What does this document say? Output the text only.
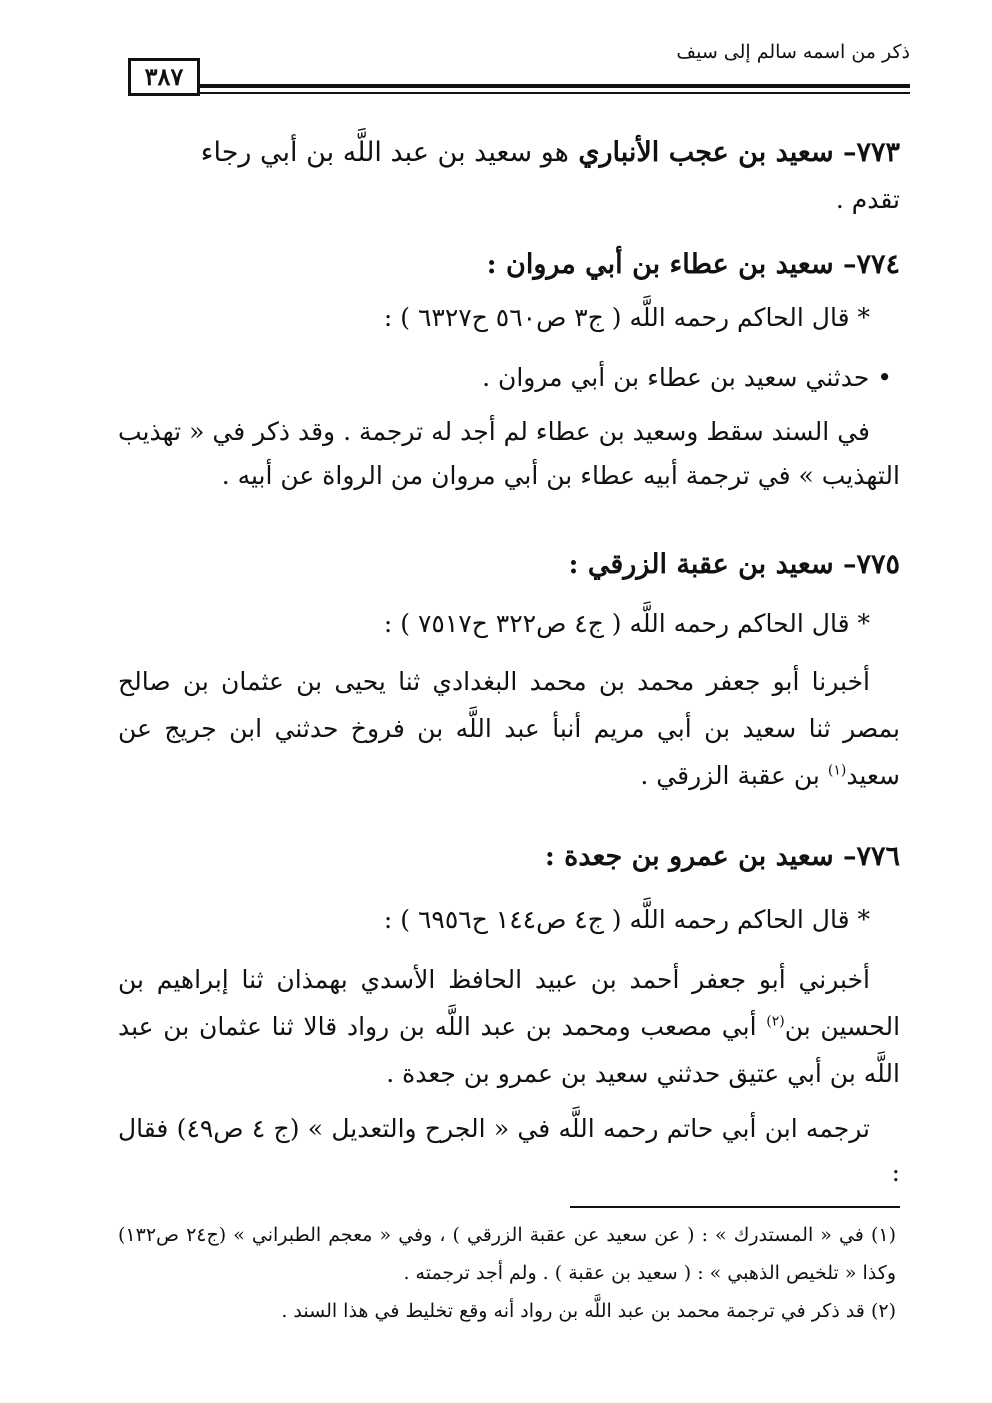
ذكر من اسمه سالم إلى سيف
٣٨٧
٧٧٣– سعيد بن عجب الأنباري هو سعيد بن عبد اللَّه بن أبي رجاء
تقدم .
٧٧٤– سعيد بن عطاء بن أبي مروان :
* قال الحاكم رحمه اللَّه ( ج٣ ص٥٦٠ ح٦٣٢٧ ) :
• حدثني سعيد بن عطاء بن أبي مروان .
في السند سقط وسعيد بن عطاء لم أجد له ترجمة . وقد ذكر في « تهذيب التهذيب » في ترجمة أبيه عطاء بن أبي مروان من الرواة عن أبيه .
٧٧٥– سعيد بن عقبة الزرقي :
* قال الحاكم رحمه اللَّه ( ج٤ ص٣٢٢ ح٧٥١٧ ) :
أخبرنا أبو جعفر محمد بن محمد البغدادي ثنا يحيى بن عثمان بن صالح بمصر ثنا سعيد بن أبي مريم أنبأ عبد اللَّه بن فروخ حدثني ابن جريج عن سعيد$^{(١)}$ بن عقبة الزرقي .
٧٧٦– سعيد بن عمرو بن جعدة :
* قال الحاكم رحمه اللَّه ( ج٤ ص١٤٤ ح٦٩٥٦ ) :
أخبرني أبو جعفر أحمد بن عبيد الحافظ الأسدي بهمذان ثنا إبراهيم بن الحسين بن$^{(٢)}$ أبي مصعب ومحمد بن عبد اللَّه بن رواد قالا ثنا عثمان بن عبد اللَّه بن أبي عتيق حدثني سعيد بن عمرو بن جعدة .
ترجمه ابن أبي حاتم رحمه اللَّه في « الجرح والتعديل » (ج ٤ ص٤٩) فقال :
(١) في « المستدرك » : ( عن سعيد عن عقبة الزرقي ) ، وفي « معجم الطبراني » (ج٢٤ ص١٣٢) وكذا « تلخيص الذهبي » : ( سعيد بن عقبة ) . ولم أجد ترجمته .
(٢) قد ذكر في ترجمة محمد بن عبد اللَّه بن رواد أنه وقع تخليط في هذا السند .
